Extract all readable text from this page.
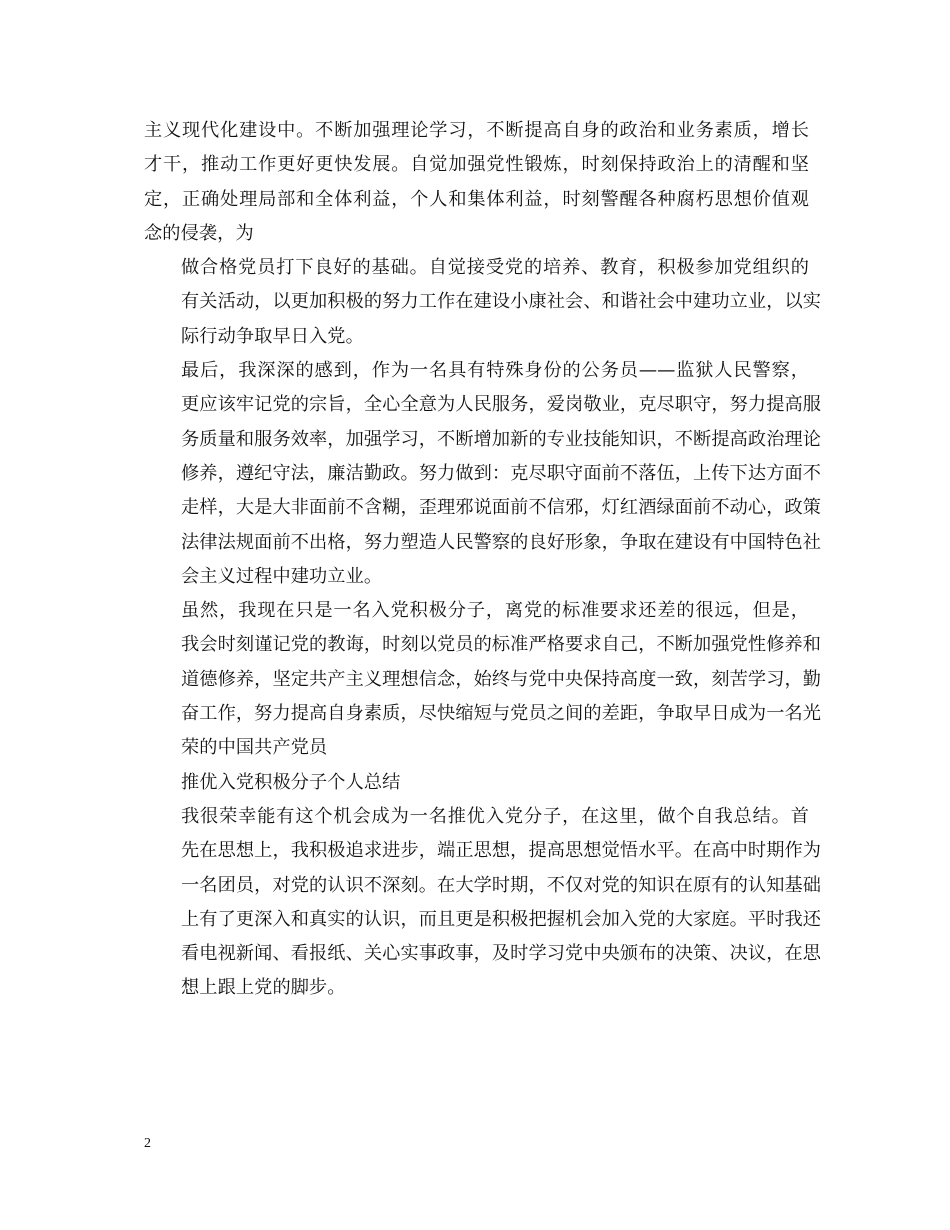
主义现代化建设中。不断加强理论学习，不断提高自身的政治和业务素质，增长
才干，推动工作更好更快发展。自觉加强党性锻炼，时刻保持政治上的清醒和坚
定，正确处理局部和全体利益，个人和集体利益，时刻警醒各种腐朽思想价值观
念的侵袭，为

做合格党员打下良好的基础。自觉接受党的培养、教育，积极参加党组织的
有关活动，以更加积极的努力工作在建设小康社会、和谐社会中建功立业，以实
际行动争取早日入党。

最后，我深深的感到，作为一名具有特殊身份的公务员——监狱人民警察，
更应该牢记党的宗旨，全心全意为人民服务，爱岗敬业，克尽职守，努力提高服
务质量和服务效率，加强学习，不断增加新的专业技能知识，不断提高政治理论
修养，遵纪守法，廉洁勤政。努力做到：克尽职守面前不落伍，上传下达方面不
走样，大是大非面前不含糊，歪理邪说面前不信邪，灯红酒绿面前不动心，政策
法律法规面前不出格，努力塑造人民警察的良好形象，争取在建设有中国特色社
会主义过程中建功立业。

虽然，我现在只是一名入党积极分子，离党的标准要求还差的很远，但是，
我会时刻谨记党的教诲，时刻以党员的标准严格要求自己，不断加强党性修养和
道德修养，坚定共产主义理想信念，始终与党中央保持高度一致，刻苦学习，勤
奋工作，努力提高自身素质，尽快缩短与党员之间的差距，争取早日成为一名光
荣的中国共产党员

推优入党积极分子个人总结

我很荣幸能有这个机会成为一名推优入党分子，在这里，做个自我总结。首
先在思想上，我积极追求进步，端正思想，提高思想觉悟水平。在高中时期作为
一名团员，对党的认识不深刻。在大学时期，不仅对党的知识在原有的认知基础
上有了更深入和真实的认识，而且更是积极把握机会加入党的大家庭。平时我还
看电视新闻、看报纸、关心实事政事，及时学习党中央颁布的决策、决议，在思
想上跟上党的脚步。

2
